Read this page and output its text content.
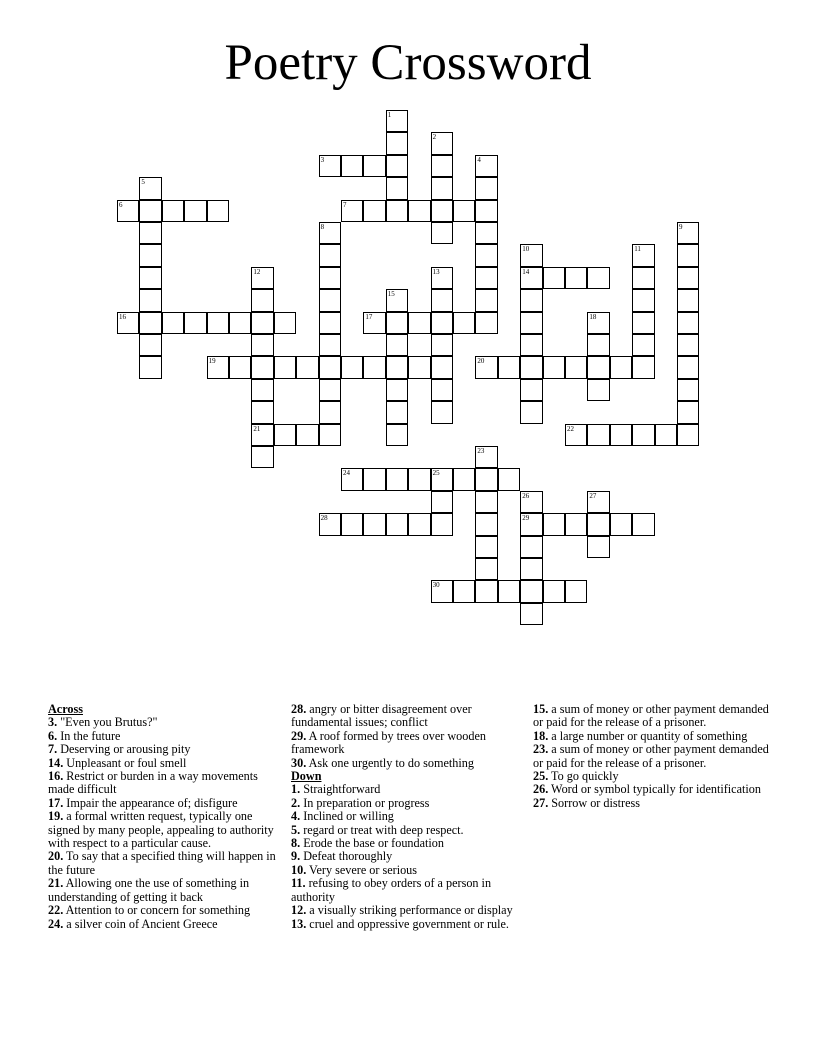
Poetry Crossword
1
2
3	4
5
6	7
8	9
10
14
11
12
21
13
15
16	17	18
19	20
22
23
24	25
26
29
27
28
30
Across
3. "Even you Brutus?"
6. In the future
7. Deserving or arousing pity
14. Unpleasant or foul smell
16. Restrict or burden in a way movements made difficult
17. Impair the appearance of; disfigure
19. a formal written request, typically one signed by many people, appealing to authority with respect to a particular cause.
20. To say that a specified thing will happen in the future
21. Allowing one the use of something in understanding of getting it back
22. Attention to or concern for something
24. a silver coin of Ancient Greece
28. angry or bitter disagreement over fundamental issues; conflict
29. A roof formed by trees over wooden framework
30. Ask one urgently to do something
Down
1. Straightforward
2. In preparation or progress
4. Inclined or willing
5. regard or treat with deep respect.
8. Erode the base or foundation
9. Defeat thoroughly
10. Very severe or serious
11. refusing to obey orders of a person in authority
12. a visually striking performance or display
13. cruel and oppressive government or rule.
15. a sum of money or other payment demanded or paid for the release of a prisoner.
18. a large number or quantity of something
23. a sum of money or other payment demanded or paid for the release of a prisoner.
25. To go quickly
26. Word or symbol typically for identification
27. Sorrow or distress
